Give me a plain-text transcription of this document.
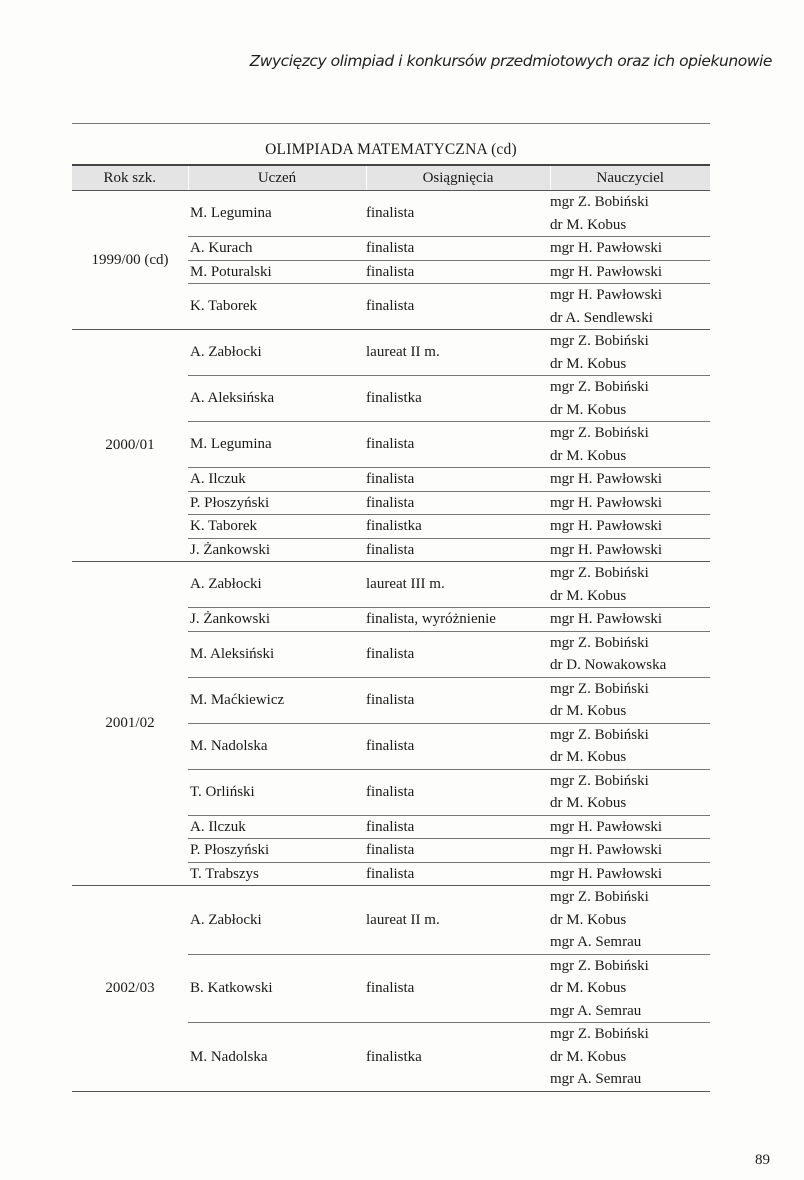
Zwycięzcy olimpiad i konkursów przedmiotowych oraz ich opiekunowie
OLIMPIADA MATEMATYCZNA (cd)
Rok szk.	Uczeń	Osiągnięcia	Nauczyciel
1999/00 (cd)	M. Legumina	finalista	mgr Z. Bobiński
dr M. Kobus

	A. Kurach	finalista	mgr H. Pawłowski

	M. Poturalski	finalista	mgr H. Pawłowski

	K. Taborek	finalista	mgr H. Pawłowski
dr A. Sendlewski

2000/01	A. Zabłocki	laureat II m.	mgr Z. Bobiński
dr M. Kobus

	A. Aleksińska	finalistka	mgr Z. Bobiński
dr M. Kobus

	M. Legumina	finalista	mgr Z. Bobiński
dr M. Kobus

	A. Ilczuk	finalista	mgr H. Pawłowski

	P. Płoszyński	finalista	mgr H. Pawłowski

	K. Taborek	finalistka	mgr H. Pawłowski

	J. Żankowski	finalista	mgr H. Pawłowski

2001/02	A. Zabłocki	laureat III m.	mgr Z. Bobiński
dr M. Kobus

	J. Żankowski	finalista, wyróżnienie	mgr H. Pawłowski

	M. Aleksiński	finalista	mgr Z. Bobiński
dr D. Nowakowska

	M. Maćkiewicz	finalista	mgr Z. Bobiński
dr M. Kobus

	M. Nadolska	finalista	mgr Z. Bobiński
dr M. Kobus

	T. Orliński	finalista	mgr Z. Bobiński
dr M. Kobus

	A. Ilczuk	finalista	mgr H. Pawłowski

	P. Płoszyński	finalista	mgr H. Pawłowski

	T. Trabszys	finalista	mgr H. Pawłowski

2002/03	A. Zabłocki	laureat II m.	mgr Z. Bobiński
dr M. Kobus
mgr A. Semrau

	B. Katkowski	finalista	mgr Z. Bobiński
dr M. Kobus
mgr A. Semrau

	M. Nadolska	finalistka	mgr Z. Bobiński
dr M. Kobus
mgr A. Semrau
89
